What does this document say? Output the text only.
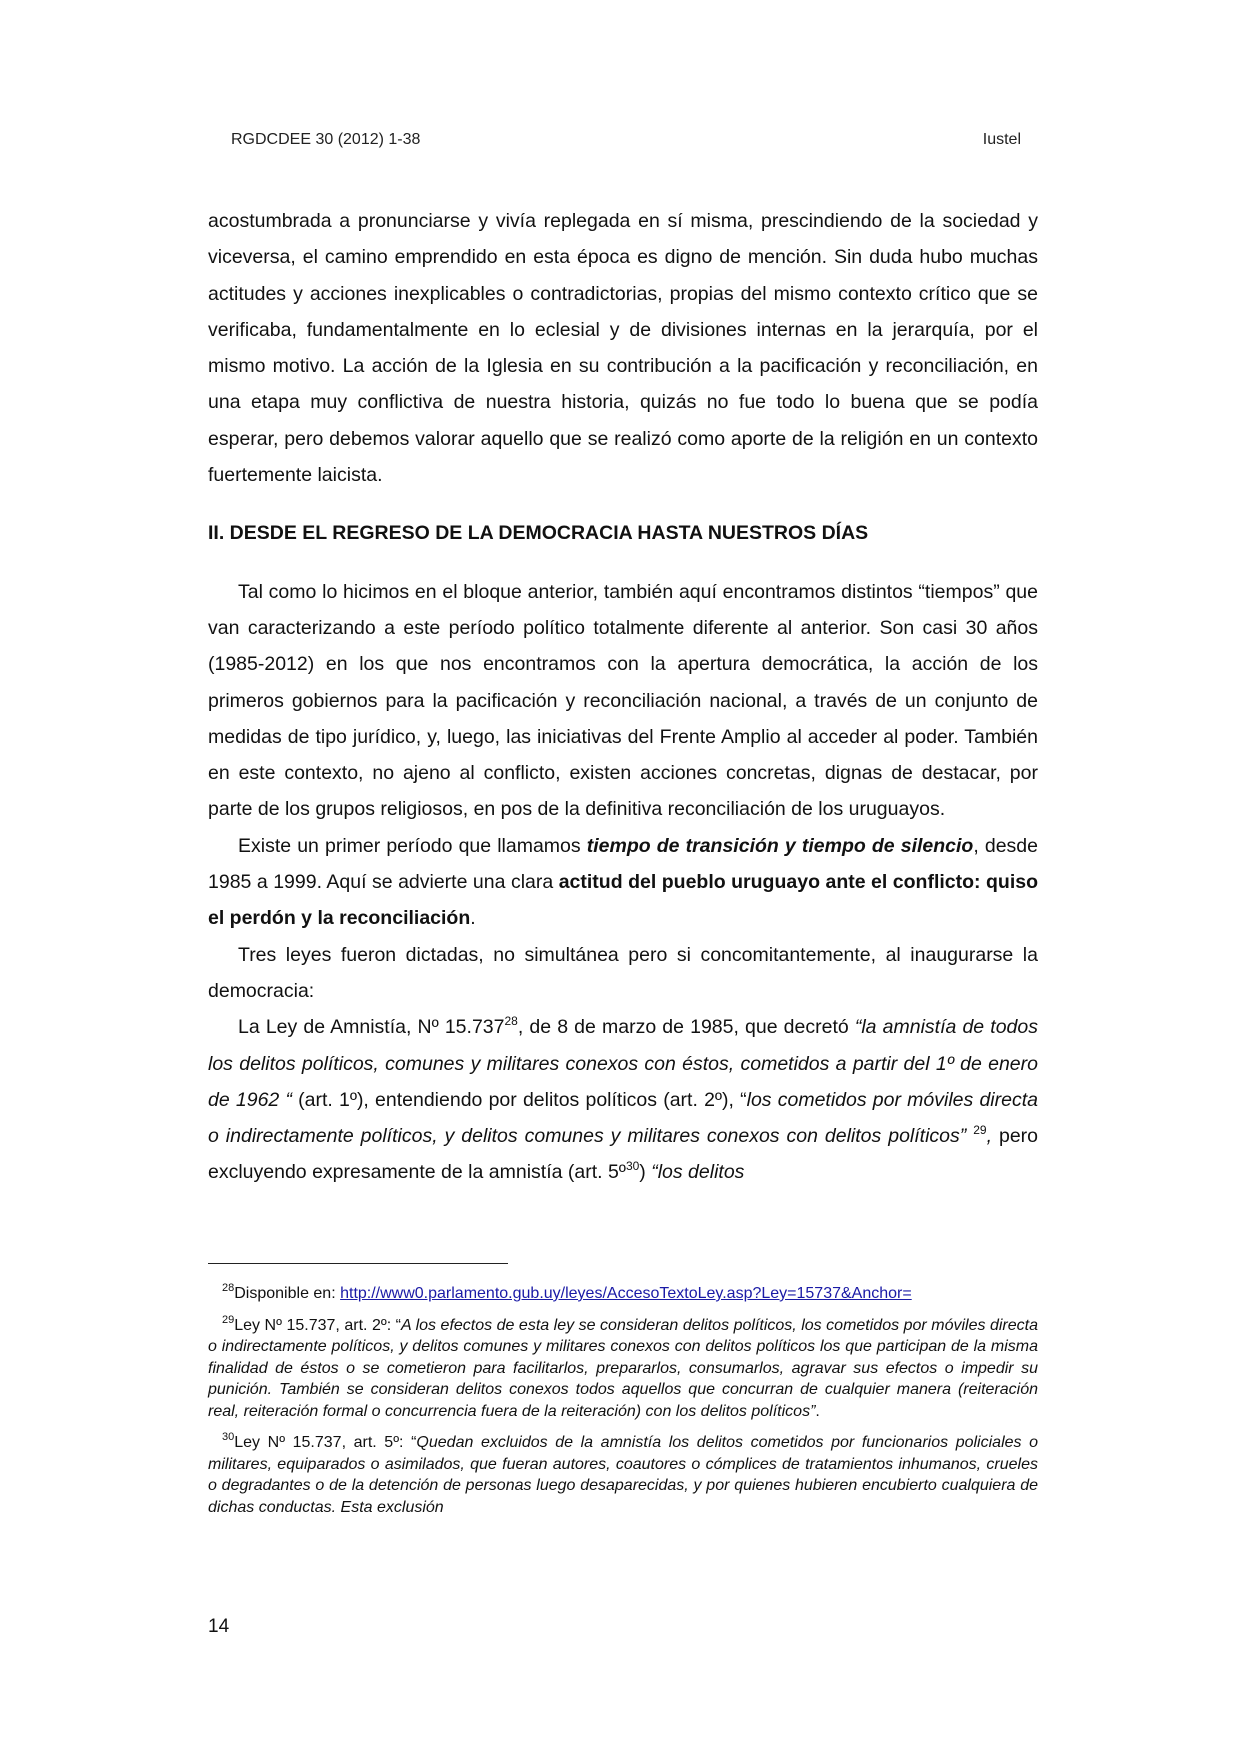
RGDCDEE 30 (2012) 1-38	Iustel

acostumbrada a pronunciarse y vivía replegada en sí misma, prescindiendo de la sociedad y viceversa, el camino emprendido en esta época es digno de mención. Sin duda hubo muchas actitudes y acciones inexplicables o contradictorias, propias del mismo contexto crítico que se verificaba, fundamentalmente en lo eclesial y de divisiones internas en la jerarquía, por el mismo motivo. La acción de la Iglesia en su contribución a la pacificación y reconciliación, en una etapa muy conflictiva de nuestra historia, quizás no fue todo lo buena que se podía esperar, pero debemos valorar aquello que se realizó como aporte de la religión en un contexto fuertemente laicista.

II. DESDE EL REGRESO DE LA DEMOCRACIA HASTA NUESTROS DÍAS

Tal como lo hicimos en el bloque anterior, también aquí encontramos distintos “tiempos” que van caracterizando a este período político totalmente diferente al anterior. Son casi 30 años (1985-2012) en los que nos encontramos con la apertura democrática, la acción de los primeros gobiernos para la pacificación y reconciliación nacional, a través de un conjunto de medidas de tipo jurídico, y, luego, las iniciativas del Frente Amplio al acceder al poder. También en este contexto, no ajeno al conflicto, existen acciones concretas, dignas de destacar, por parte de los grupos religiosos, en pos de la definitiva reconciliación de los uruguayos.

Existe un primer período que llamamos tiempo de transición y tiempo de silencio, desde 1985 a 1999. Aquí se advierte una clara actitud del pueblo uruguayo ante el conflicto: quiso el perdón y la reconciliación.

Tres leyes fueron dictadas, no simultánea pero si concomitantemente, al inaugurarse la democracia:

La Ley de Amnistía, Nº 15.737$^{28}$, de 8 de marzo de 1985, que decretó “la amnistía de todos los delitos políticos, comunes y militares conexos con éstos, cometidos a partir del 1º de enero de 1962 “ (art. 1º), entendiendo por delitos políticos (art. 2º), “los cometidos por móviles directa o indirectamente políticos, y delitos comunes y militares conexos con delitos políticos” $^{29}$, pero excluyendo expresamente de la amnistía (art. 5º$^{30}$) “los delitos

$^{28}$Disponible en: http://www0.parlamento.gub.uy/leyes/AccesoTextoLey.asp?Ley=15737&Anchor=

$^{29}$Ley Nº 15.737, art. 2º: “A los efectos de esta ley se consideran delitos políticos, los cometidos por móviles directa o indirectamente políticos, y delitos comunes y militares conexos con delitos políticos los que participan de la misma finalidad de éstos o se cometieron para facilitarlos, prepararlos, consumarlos, agravar sus efectos o impedir su punición. También se consideran delitos conexos todos aquellos que concurran de cualquier manera (reiteración real, reiteración formal o concurrencia fuera de la reiteración) con los delitos políticos”.

$^{30}$Ley Nº 15.737, art. 5º: “Quedan excluidos de la amnistía los delitos cometidos por funcionarios policiales o militares, equiparados o asimilados, que fueran autores, coautores o cómplices de tratamientos inhumanos, crueles o degradantes o de la detención de personas luego desaparecidas, y por quienes hubieren encubierto cualquiera de dichas conductas. Esta exclusión

14
